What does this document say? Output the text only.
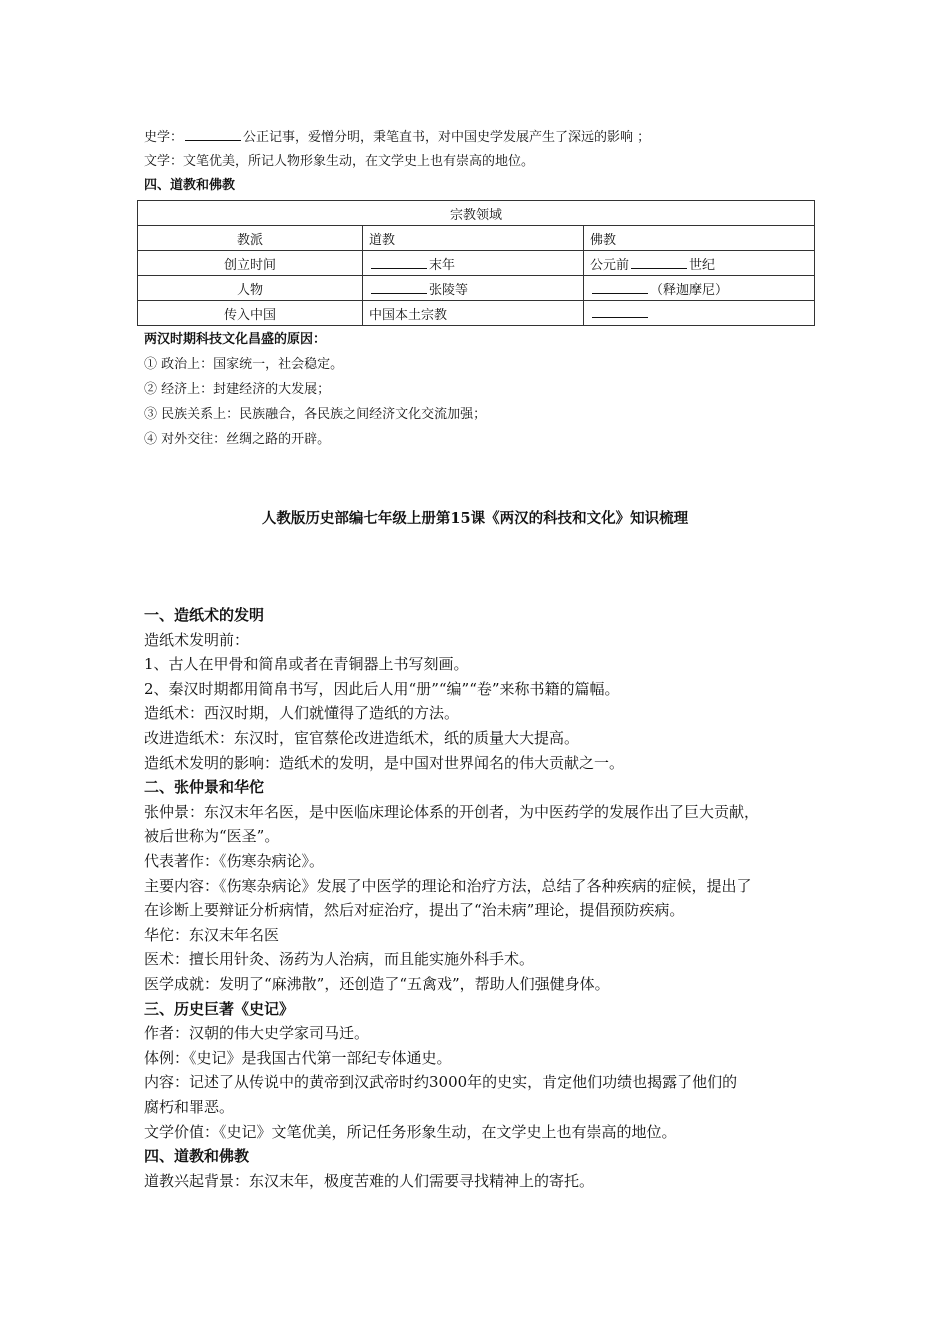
史学：	公正记事，爱憎分明，秉笔直书，对中国史学发展产生了深远的影响 ；
文学：文笔优美，所记人物形象生动，在文学史上也有崇高的地位。
四、道教和佛教
宗教领域		
教派	道教	佛教
创立时间	末年	公元前 世纪
人物	张陵等	（释迦摩尼）
传入中国	中国本土宗教	
两汉时期科技文化昌盛的原因：
① 政治上：国家统一，社会稳定。
② 经济上：封建经济的大发展；
③ 民族关系上：民族融合，各民族之间经济文化交流加强；
④ 对外交往：丝绸之路的开辟。
人教版历史部编七年级上册第15课《两汉的科技和文化》知识梳理
一、造纸术的发明
造纸术发明前：
1、古人在甲骨和简帛或者在青铜器上书写刻画。
2、秦汉时期都用简帛书写，因此后人用“册”“编”“卷”来称书籍的篇幅。
造纸术：西汉时期，人们就懂得了造纸的方法。
改进造纸术：东汉时，宦官蔡伦改进造纸术，纸的质量大大提高。
造纸术发明的影响：造纸术的发明，是中国对世界闻名的伟大贡献之一。
二、张仲景和华佗
张仲景：东汉末年名医，是中医临床理论体系的开创者，为中医药学的发展作出了巨大贡献，
被后世称为“医圣”。
代表著作：《伤寒杂病论》。
主要内容：《伤寒杂病论》发展了中医学的理论和治疗方法，总结了各种疾病的症候，提出了
在诊断上要辩证分析病情，然后对症治疗，提出了“治未病”理论，提倡预防疾病。
华佗：东汉末年名医
医术：擅长用针灸、汤药为人治病，而且能实施外科手术。
医学成就：发明了“麻沸散”，还创造了“五禽戏”，帮助人们强健身体。
三、历史巨著《史记》
作者：汉朝的伟大史学家司马迁。
体例：《史记》是我国古代第一部纪专体通史。
内容：记述了从传说中的黄帝到汉武帝时约3000年的史实，肯定他们功绩也揭露了他们的
腐朽和罪恶。
文学价值：《史记》文笔优美，所记任务形象生动，在文学史上也有崇高的地位。
四、道教和佛教
道教兴起背景：东汉末年，极度苦难的人们需要寻找精神上的寄托。
